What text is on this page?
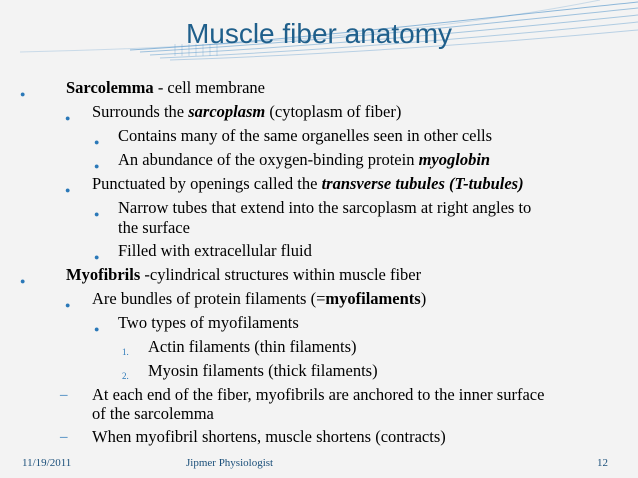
Muscle fiber anatomy
● Sarcolemma - cell membrane
● Surrounds the sarcoplasm (cytoplasm of fiber)
● Contains many of the same organelles seen in other cells
● An abundance of the oxygen-binding protein myoglobin
● Punctuated by openings called the transverse tubules (T-tubules)
● Narrow tubes that extend into the sarcoplasm at right angles to
the surface
● Filled with extracellular fluid
● Myofibrils -cylindrical structures within muscle fiber
● Are bundles of protein filaments (=myofilaments)
● Two types of myofilaments
1. Actin filaments (thin filaments)
2. Myosin filaments (thick filaments)
– At each end of the fiber, myofibrils are anchored to the inner surface
of the sarcolemma
– When myofibril shortens, muscle shortens (contracts)
11/19/2011	Jipmer Physiologist	12
